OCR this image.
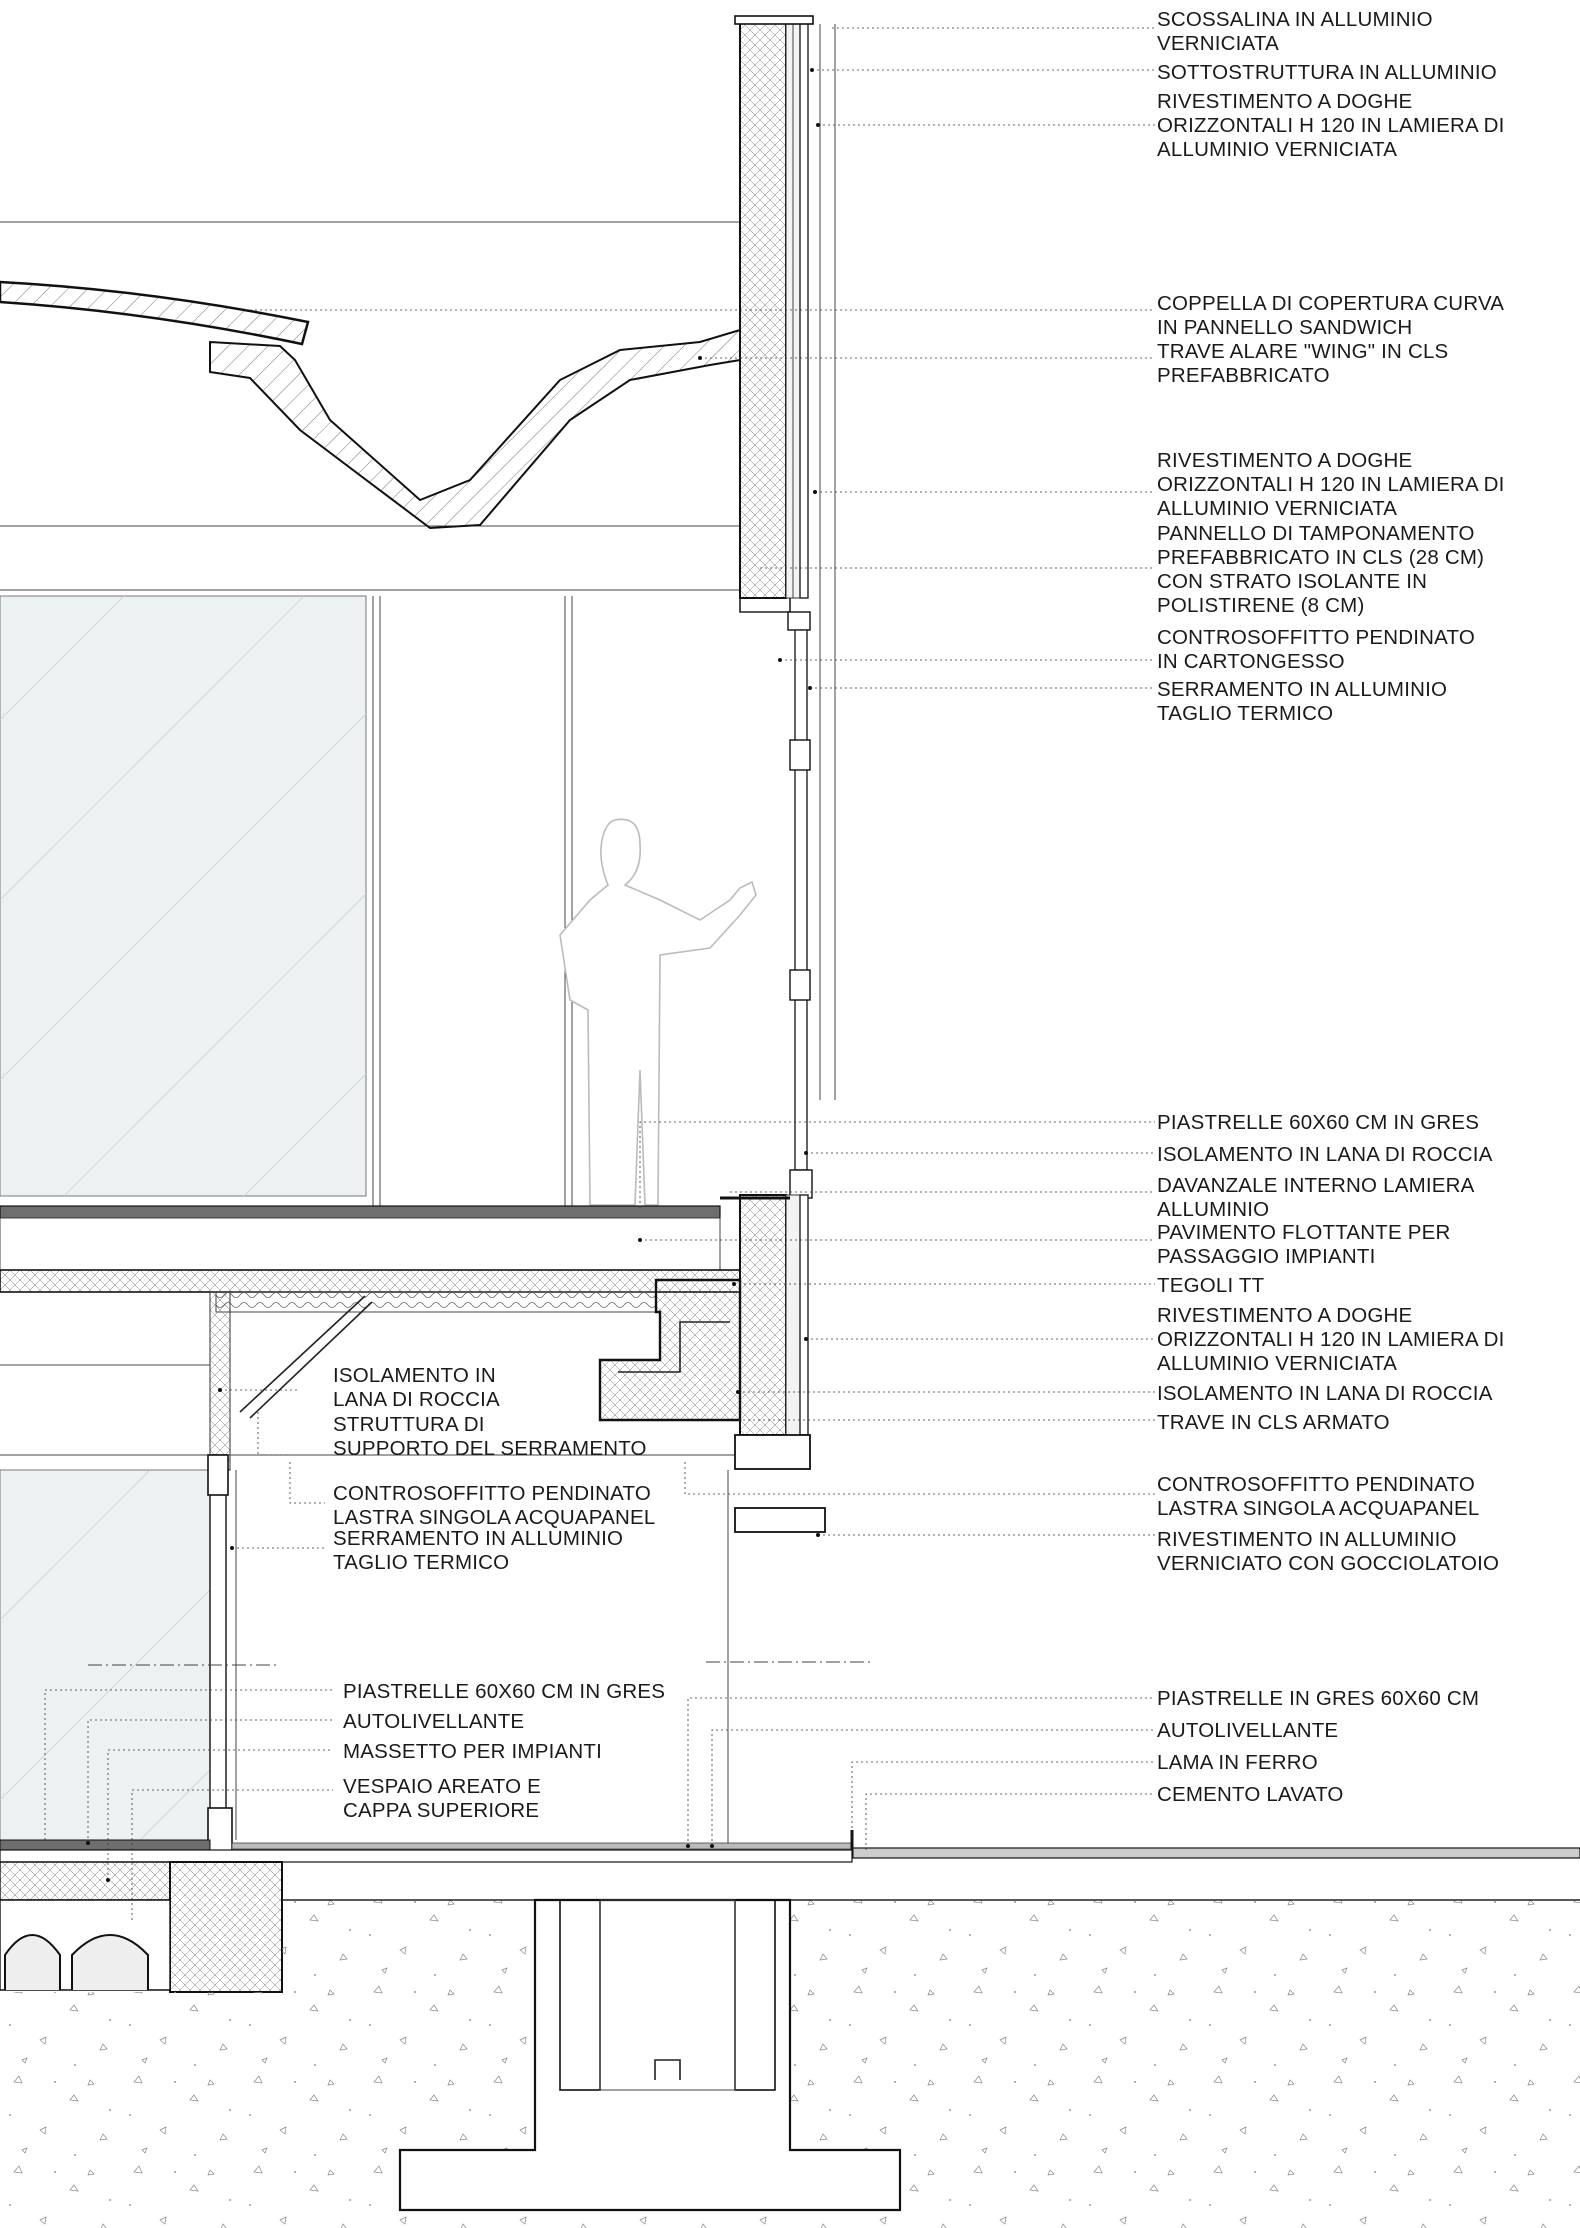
SCOSSALINA IN ALLUMINIO VERNICIATA
SOTTOSTRUTTURA IN ALLUMINIO
RIVESTIMENTO A DOGHE ORIZZONTALI H 120 IN LAMIERA DI ALLUMINIO VERNICIATA
COPPELLA DI COPERTURA CURVA IN PANNELLO SANDWICH
TRAVE ALARE "WING" IN CLS PREFABBRICATO
RIVESTIMENTO A DOGHE ORIZZONTALI H 120 IN LAMIERA DI ALLUMINIO VERNICIATA
PANNELLO DI TAMPONAMENTO PREFABBRICATO IN CLS (28 CM) CON STRATO ISOLANTE IN POLISTIRENE (8 CM)
CONTROSOFFITTO PENDINATO IN CARTONGESSO
SERRAMENTO IN ALLUMINIO TAGLIO TERMICO
PIASTRELLE 60X60 CM IN GRES
ISOLAMENTO IN LANA DI ROCCIA
DAVANZALE INTERNO LAMIERA ALLUMINIO
PAVIMENTO FLOTTANTE PER PASSAGGIO IMPIANTI
TEGOLI TT
RIVESTIMENTO A DOGHE ORIZZONTALI H 120 IN LAMIERA DI ALLUMINIO VERNICIATA
ISOLAMENTO IN LANA DI ROCCIA
TRAVE IN CLS ARMATO
CONTROSOFFITTO PENDINATO LASTRA SINGOLA ACQUAPANEL
RIVESTIMENTO IN ALLUMINIO VERNICIATO CON GOCCIOLATOIO
ISOLAMENTO IN LANA DI ROCCIA
STRUTTURA DI SUPPORTO DEL SERRAMENTO
CONTROSOFFITTO PENDINATO LASTRA SINGOLA ACQUAPANEL
SERRAMENTO IN ALLUMINIO TAGLIO TERMICO
PIASTRELLE 60X60 CM IN GRES
AUTOLIVELLANTE
MASSETTO PER IMPIANTI
VESPAIO AREATO E CAPPA SUPERIORE
PIASTRELLE IN GRES 60X60 CM
AUTOLIVELLANTE
LAMA IN FERRO
CEMENTO LAVATO
